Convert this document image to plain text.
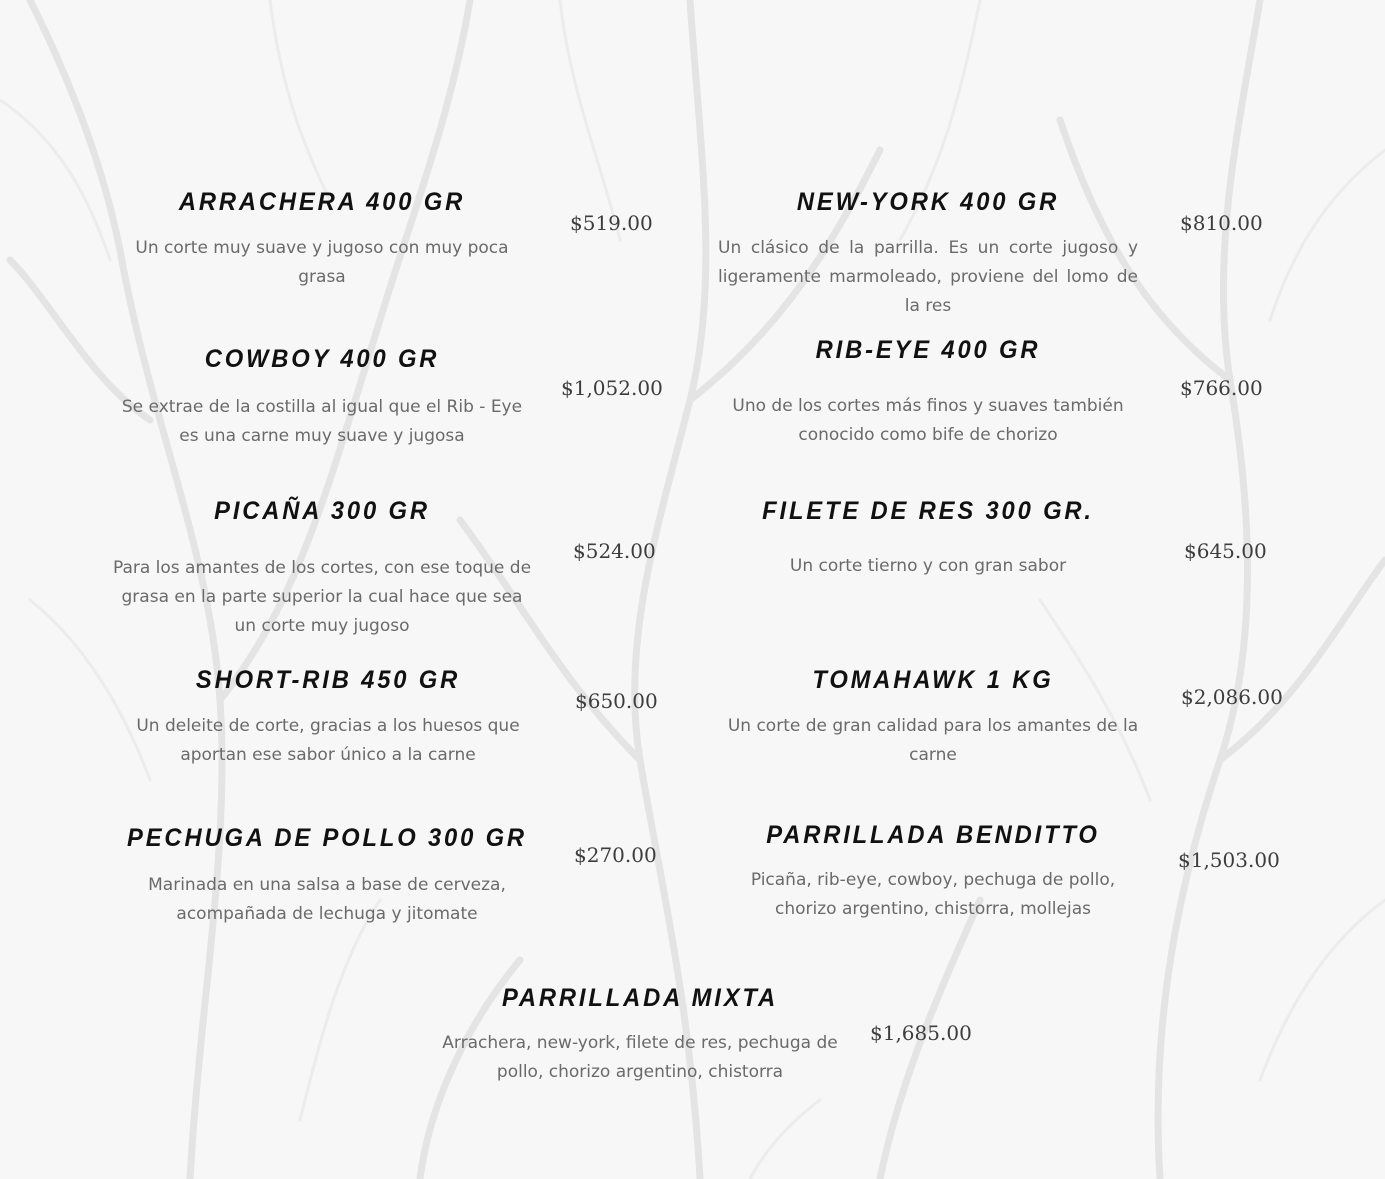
ARRACHERA 400 GR
Un corte muy suave y jugoso con muy poca grasa
$519.00
NEW-YORK 400 GR
Un clásico de la parrilla. Es un corte jugoso y ligeramente marmoleado, proviene del lomo de la res
$810.00
COWBOY 400 GR
Se extrae de la costilla al igual que el Rib - Eye es una carne muy suave y jugosa
$1,052.00
RIB-EYE 400 GR
Uno de los cortes más finos y suaves también conocido como bife de chorizo
$766.00
PICAÑA 300 GR
Para los amantes de los cortes, con ese toque de grasa en la parte superior la cual hace que sea un corte muy jugoso
$524.00
FILETE DE RES 300 GR.
Un corte tierno y con gran sabor
$645.00
SHORT-RIB 450 GR
Un deleite de corte, gracias a los huesos que aportan ese sabor único a la carne
$650.00
TOMAHAWK 1 KG
Un corte de gran calidad para los amantes de la carne
$2,086.00
PECHUGA DE POLLO 300 GR
Marinada en una salsa a base de cerveza, acompañada de lechuga y jitomate
$270.00
PARRILLADA BENDITTO
Picaña, rib-eye, cowboy, pechuga de pollo, chorizo argentino, chistorra, mollejas
$1,503.00
PARRILLADA MIXTA
Arrachera, new-york, filete de res, pechuga de pollo, chorizo argentino, chistorra
$1,685.00
